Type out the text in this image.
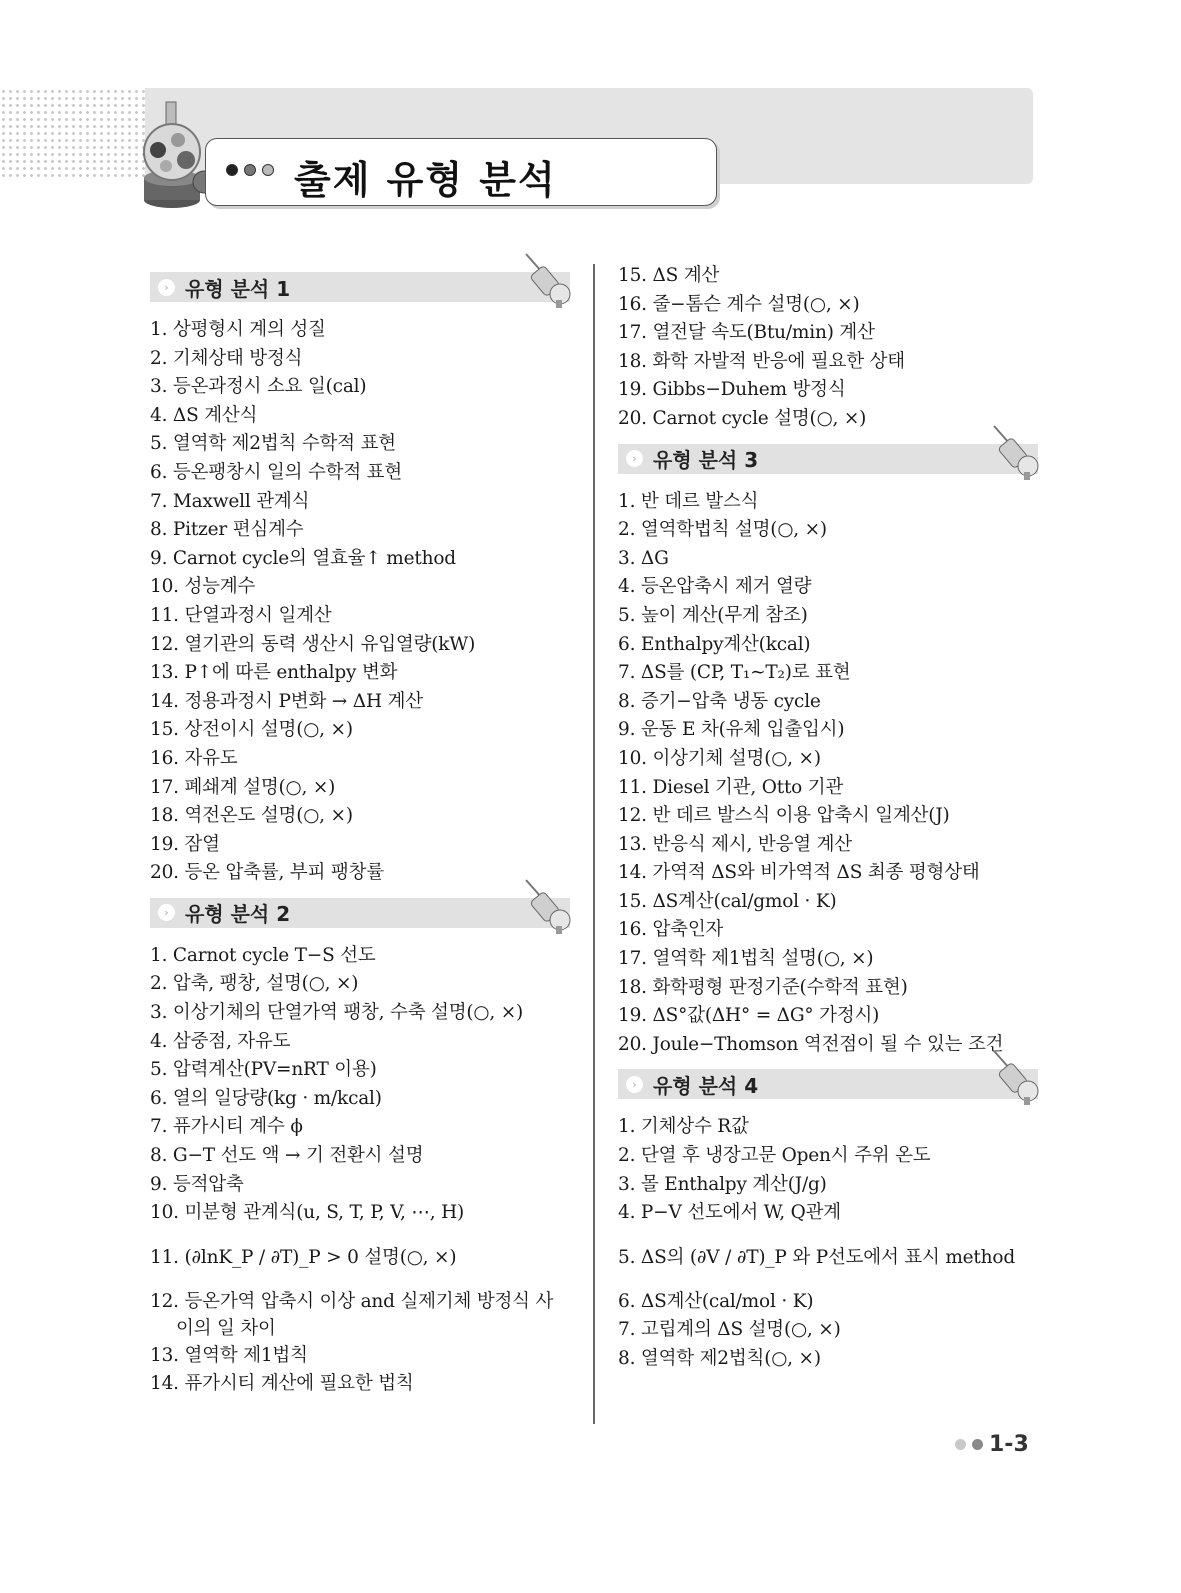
출제 유형 분석
› 유형 분석 1
1. 상평형시 계의 성질
2. 기체상태 방정식
3. 등온과정시 소요 일(cal)
4. ΔS 계산식
5. 열역학 제2법칙 수학적 표현
6. 등온팽창시 일의 수학적 표현
7. Maxwell 관계식
8. Pitzer 편심계수
9. Carnot cycle의 열효율↑ method
10. 성능계수
11. 단열과정시 일계산
12. 열기관의 동력 생산시 유입열량(kW)
13. P↑에 따른 enthalpy 변화
14. 정용과정시 P변화 → ΔH 계산
15. 상전이시 설명(○, ×)
16. 자유도
17. 폐쇄계 설명(○, ×)
18. 역전온도 설명(○, ×)
19. 잠열
20. 등온 압축률, 부피 팽창률
› 유형 분석 2
1. Carnot cycle T−S 선도
2. 압축, 팽창, 설명(○, ×)
3. 이상기체의 단열가역 팽창, 수축 설명(○, ×)
4. 삼중점, 자유도
5. 압력계산(PV=nRT 이용)
6. 열의 일당량(kg · m/kcal)
7. 퓨가시티 계수 ϕ
8. G−T 선도 액 → 기 전환시 설명
9. 등적압축
10. 미분형 관계식(u, S, T, P, V, ⋯, H)
11. (∂lnK_P / ∂T)_P > 0 설명(○, ×)
12. 등온가역 압축시 이상 and 실제기체 방정식 사이의 일 차이
13. 열역학 제1법칙
14. 퓨가시티 계산에 필요한 법칙
15. ΔS 계산
16. 줄−톰슨 계수 설명(○, ×)
17. 열전달 속도(Btu/min) 계산
18. 화학 자발적 반응에 필요한 상태
19. Gibbs−Duhem 방정식
20. Carnot cycle 설명(○, ×)
› 유형 분석 3
1. 반 데르 발스식
2. 열역학법칙 설명(○, ×)
3. ΔG
4. 등온압축시 제거 열량
5. 높이 계산(무게 참조)
6. Enthalpy계산(kcal)
7. ΔS를 (CP, T₁∼T₂)로 표현
8. 증기−압축 냉동 cycle
9. 운동 E 차(유체 입출입시)
10. 이상기체 설명(○, ×)
11. Diesel 기관, Otto 기관
12. 반 데르 발스식 이용 압축시 일계산(J)
13. 반응식 제시, 반응열 계산
14. 가역적 ΔS와 비가역적 ΔS 최종 평형상태
15. ΔS계산(cal/gmol · K)
16. 압축인자
17. 열역학 제1법칙 설명(○, ×)
18. 화학평형 판정기준(수학적 표현)
19. ΔS°값(ΔH° = ΔG° 가정시)
20. Joule−Thomson 역전점이 될 수 있는 조건
› 유형 분석 4
1. 기체상수 R값
2. 단열 후 냉장고문 Open시 주위 온도
3. 몰 Enthalpy 계산(J/g)
4. P−V 선도에서 W, Q관계
5. ΔS의 (∂V / ∂T)_P 와 P선도에서 표시 method
6. ΔS계산(cal/mol · K)
7. 고립계의 ΔS 설명(○, ×)
8. 열역학 제2법칙(○, ×)
1-3
